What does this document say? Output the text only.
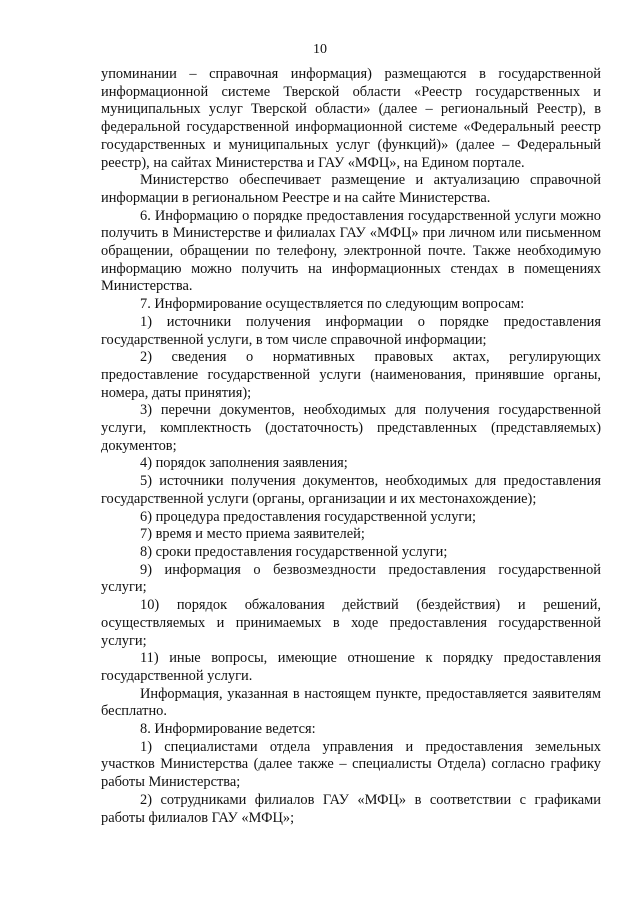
10

упоминании – справочная информация) размещаются в государственной информационной системе Тверской области «Реестр государственных и муниципальных услуг Тверской области» (далее – региональный Реестр), в федеральной государственной информационной системе «Федеральный реестр государственных и муниципальных услуг (функций)» (далее – Федеральный реестр), на сайтах Министерства и ГАУ «МФЦ», на Едином портале.

Министерство обеспечивает размещение и актуализацию справочной информации в региональном Реестре и на сайте Министерства.

6. Информацию о порядке предоставления государственной услуги можно получить в Министерстве и филиалах ГАУ «МФЦ» при личном или письменном обращении, обращении по телефону, электронной почте. Также необходимую информацию можно получить на информационных стендах в помещениях Министерства.

7. Информирование осуществляется по следующим вопросам:

1) источники получения информации о порядке предоставления государственной услуги, в том числе справочной информации;

2) сведения о нормативных правовых актах, регулирующих предоставление государственной услуги (наименования, принявшие органы, номера, даты принятия);

3) перечни документов, необходимых для получения государственной услуги, комплектность (достаточность) представленных (представляемых) документов;

4) порядок заполнения заявления;

5) источники получения документов, необходимых для предоставления государственной услуги (органы, организации и их местонахождение);

6) процедура предоставления государственной услуги;

7) время и место приема заявителей;

8) сроки предоставления государственной услуги;

9) информация о безвозмездности предоставления государственной услуги;

10) порядок обжалования действий (бездействия) и решений, осуществляемых и принимаемых в ходе предоставления государственной услуги;

11) иные вопросы, имеющие отношение к порядку предоставления государственной услуги.

Информация, указанная в настоящем пункте, предоставляется заявителям бесплатно.

8. Информирование ведется:

1) специалистами отдела управления и предоставления земельных участков Министерства (далее также – специалисты Отдела) согласно графику работы Министерства;

2) сотрудниками филиалов ГАУ «МФЦ» в соответствии с графиками работы филиалов ГАУ «МФЦ»;
